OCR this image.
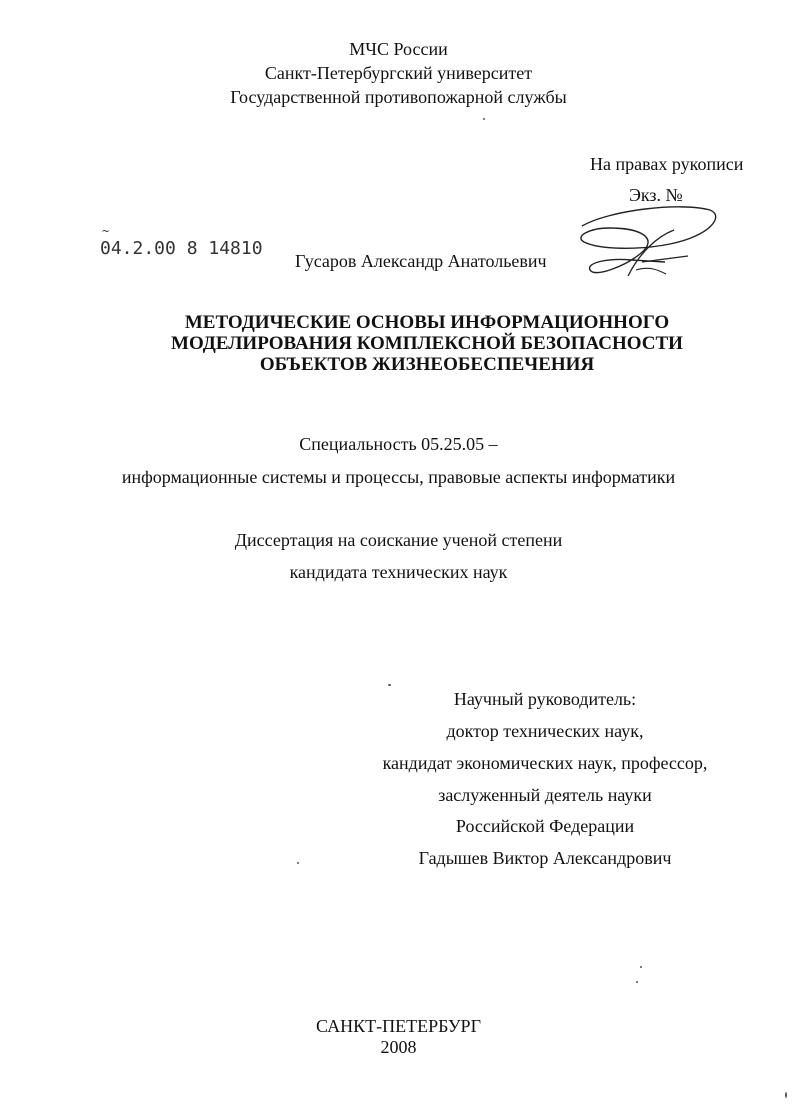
МЧС России
Санкт-Петербургский университет
Государственной противопожарной службы
На правах рукописи
Экз. №
~
04.2.00 8 14810
Гусаров Александр Анатольевич
МЕТОДИЧЕСКИЕ ОСНОВЫ ИНФОРМАЦИОННОГО
МОДЕЛИРОВАНИЯ КОМПЛЕКСНОЙ БЕЗОПАСНОСТИ
ОБЪЕКТОВ ЖИЗНЕОБЕСПЕЧЕНИЯ
Специальность 05.25.05 –
информационные системы и процессы, правовые аспекты информатики
Диссертация на соискание ученой степени
кандидата технических наук
Научный руководитель:
доктор технических наук,
кандидат экономических наук, профессор,
заслуженный деятель науки
Российской Федерации
Гадышев Виктор Александрович
САНКТ-ПЕТЕРБУРГ
2008
